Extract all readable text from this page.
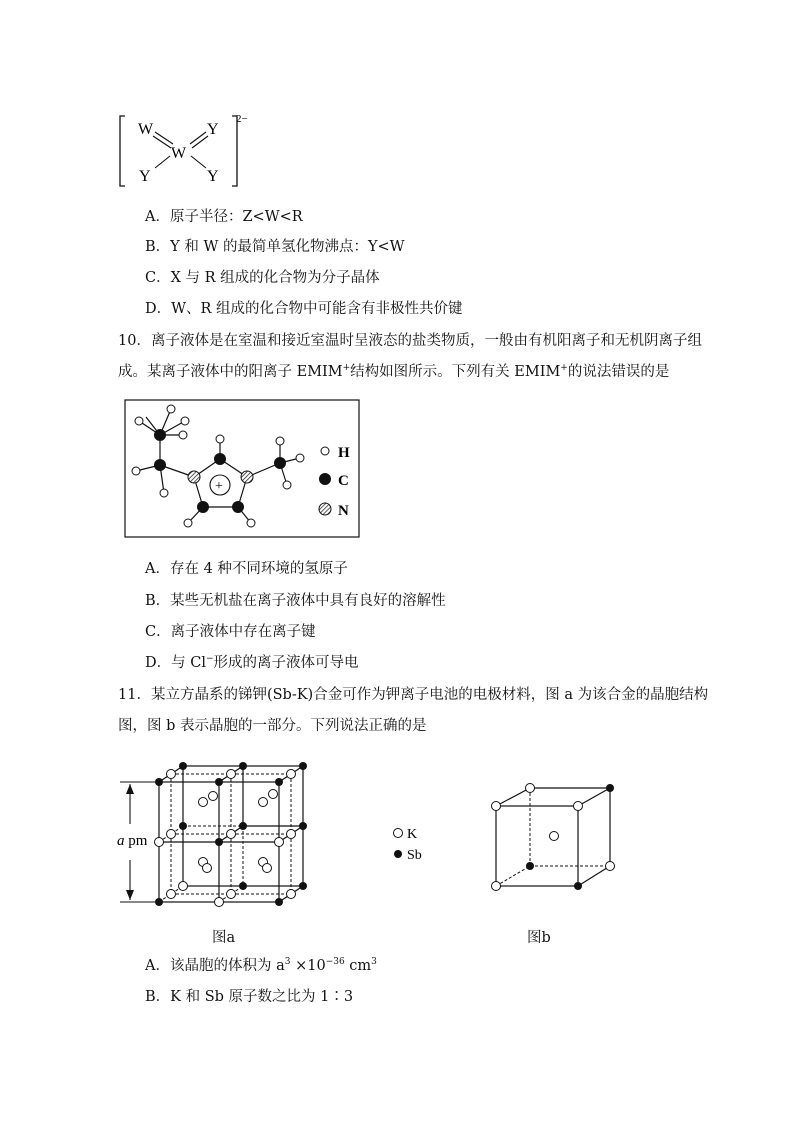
W	Y
W
Y	Y
2−
A．原子半径：Z<W<R
B．Y 和 W 的最简单氢化物沸点：Y<W
C．X 与 R 组成的化合物为分子晶体
D．W、R 组成的化合物中可能含有非极性共价键
10．离子液体是在室温和接近室温时呈液态的盐类物质，一般由有机阳离子和无机阴离子组
成。某离子液体中的阳离子 EMIM+结构如图所示。下列有关 EMIM+的说法错误的是
+
H
C
N
A．存在 4 种不同环境的氢原子
B．某些无机盐在离子液体中具有良好的溶解性
C．离子液体中存在离子键
D．与 Cl−形成的离子液体可导电
11．某立方晶系的锑钾(Sb-K)合金可作为钾离子电池的电极材料，图 a 为该合金的晶胞结构
图，图 b 表示晶胞的一部分。下列说法正确的是
a pm	K
Sb
图a	图b
A．该晶胞的体积为 $a^3 \times 10^{-36}$ $cm^3$
B．K 和 Sb 原子数之比为 1∶3
